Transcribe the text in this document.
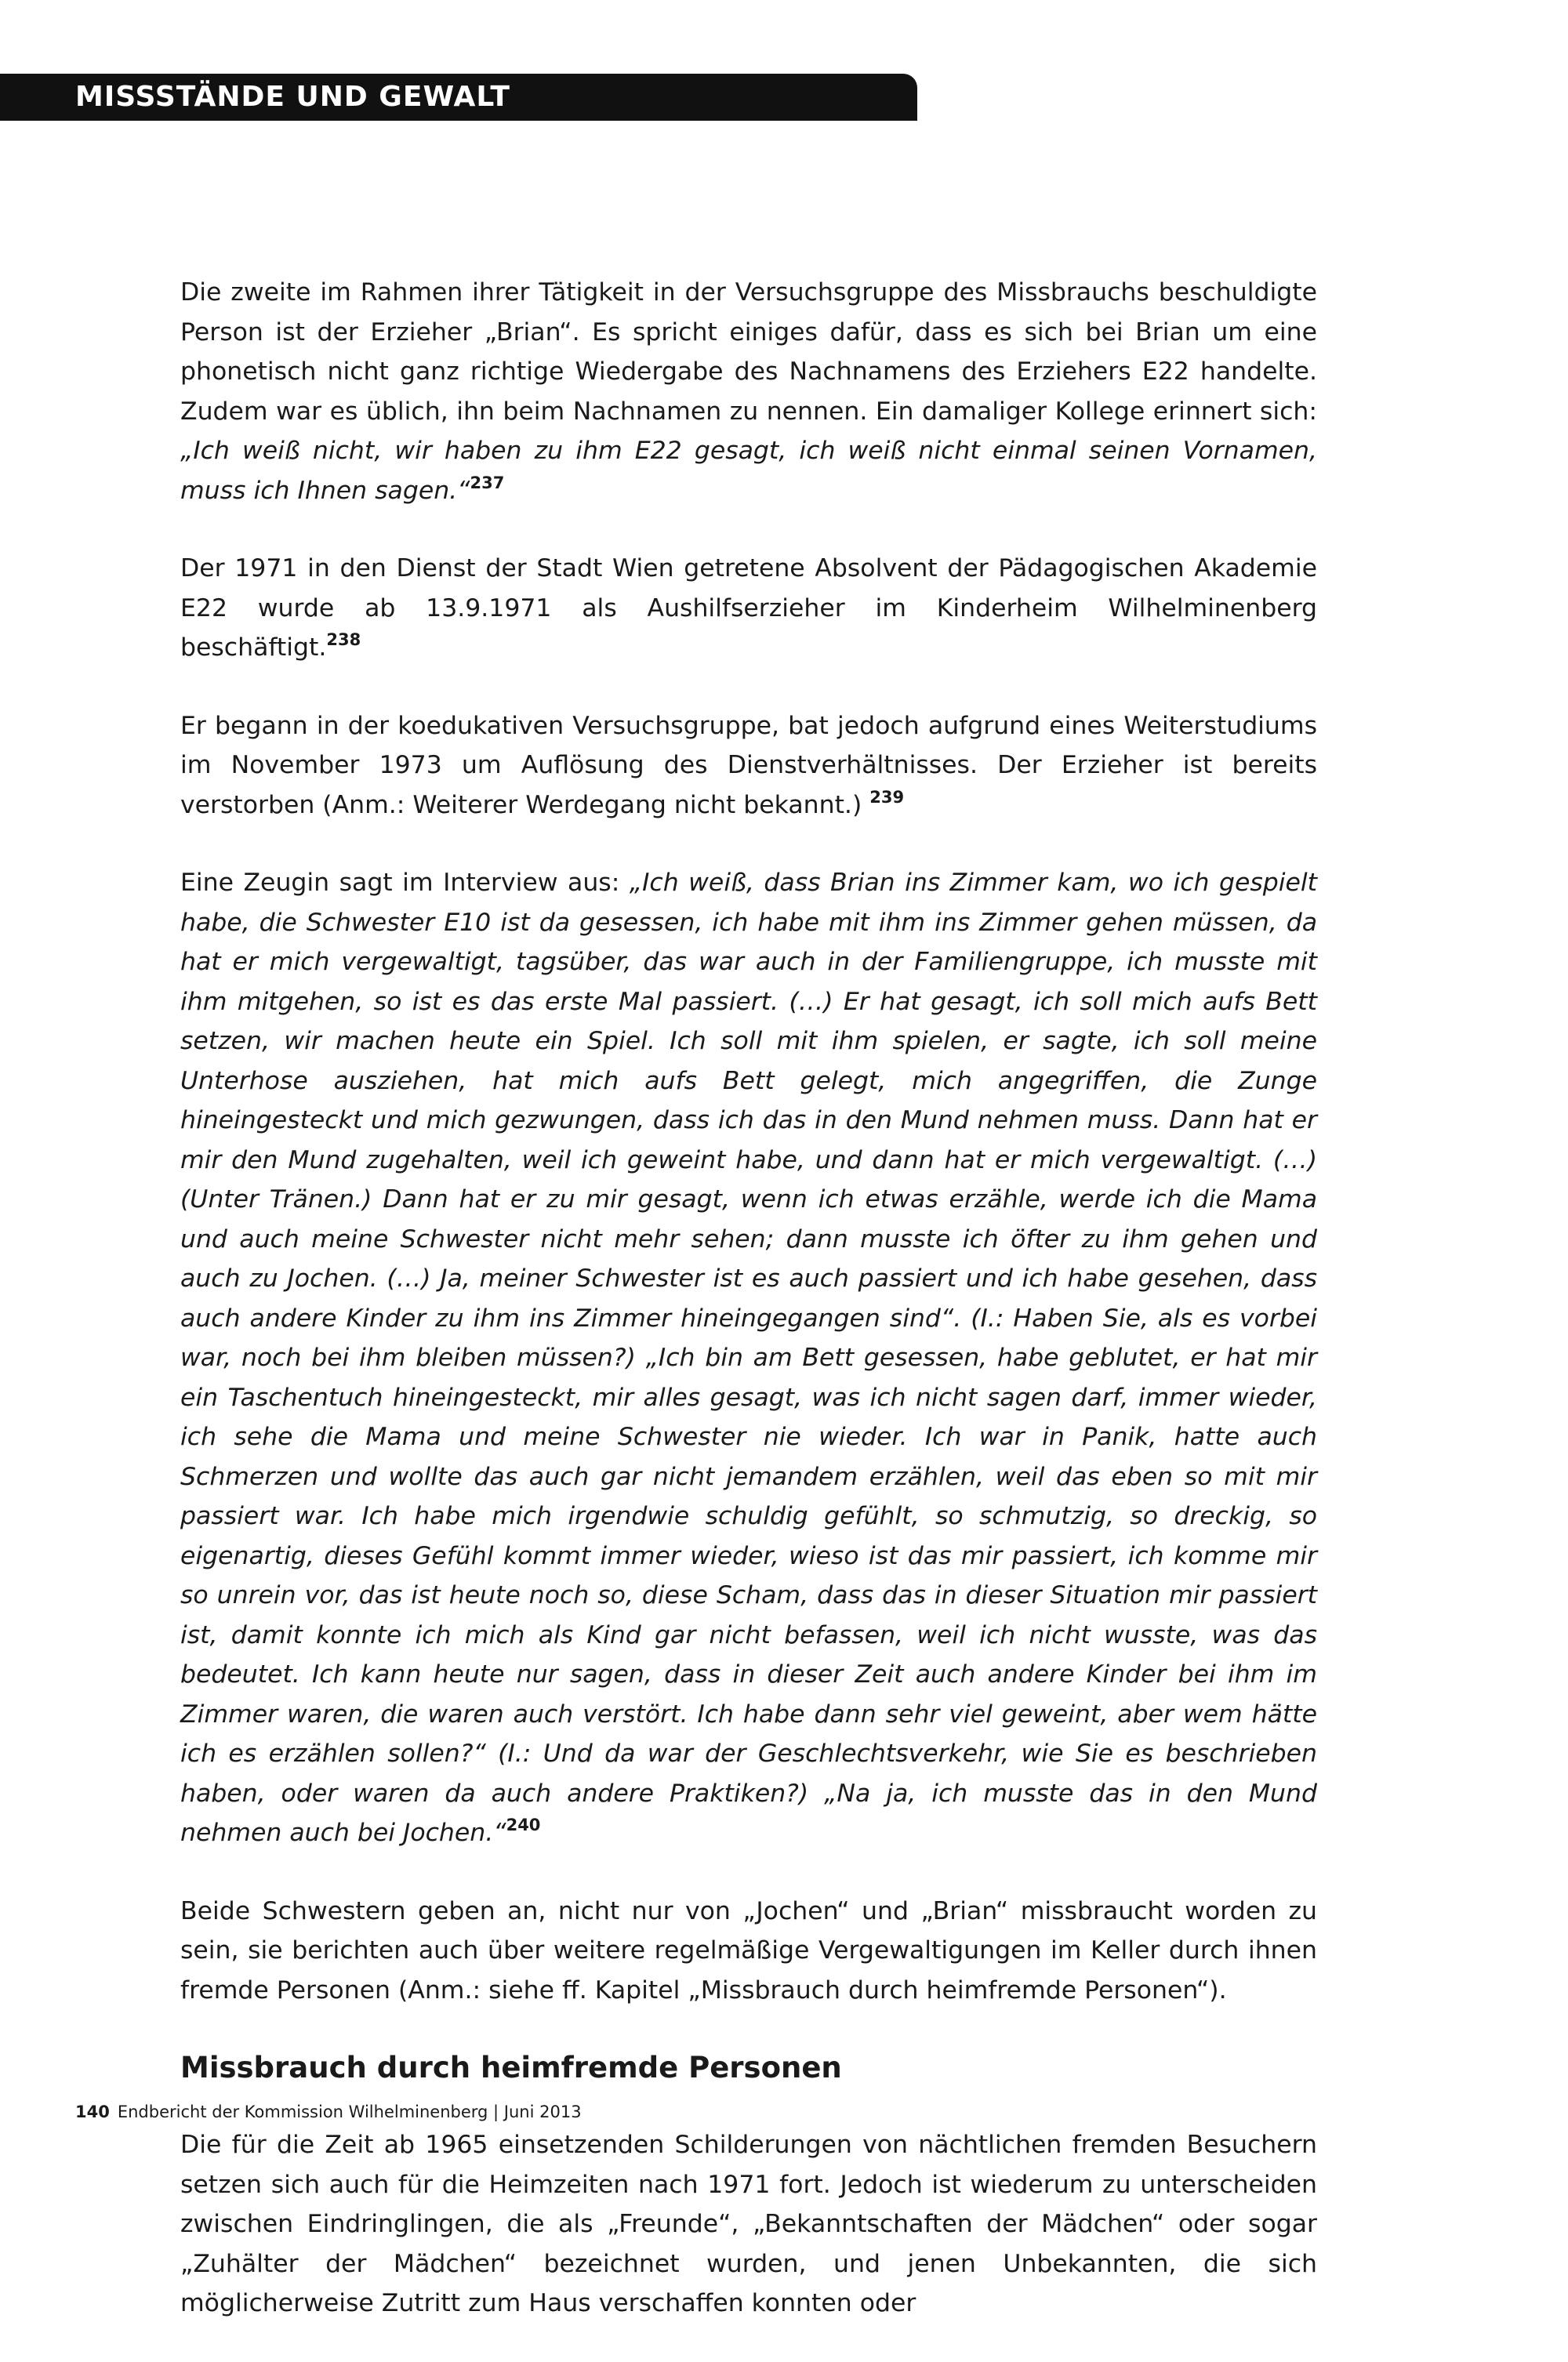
MISSSTÄNDE UND GEWALT

Die zweite im Rahmen ihrer Tätigkeit in der Versuchsgruppe des Missbrauchs beschuldigte Person ist der Erzieher „Brian“. Es spricht einiges dafür, dass es sich bei Brian um eine phonetisch nicht ganz richtige Wiedergabe des Nachnamens des Erziehers E22 handelte. Zudem war es üblich, ihn beim Nachnamen zu nennen. Ein damaliger Kollege erinnert sich: „Ich weiß nicht, wir haben zu ihm E22 gesagt, ich weiß nicht einmal seinen Vornamen, muss ich Ihnen sagen.“$^{237}$

Der 1971 in den Dienst der Stadt Wien getretene Absolvent der Pädagogischen Akademie E22 wurde ab 13.9.1971 als Aushilfserzieher im Kinderheim Wilhelminenberg beschäftigt.$^{238}$

Er begann in der koedukativen Versuchsgruppe, bat jedoch aufgrund eines Weiterstudiums im November 1973 um Auflösung des Dienstverhältnisses. Der Erzieher ist bereits verstorben (Anm.: Weiterer Werdegang nicht bekannt.) $^{239}$

Eine Zeugin sagt im Interview aus: „Ich weiß, dass Brian ins Zimmer kam, wo ich gespielt habe, die Schwester E10 ist da gesessen, ich habe mit ihm ins Zimmer gehen müssen, da hat er mich vergewaltigt, tagsüber, das war auch in der Familiengruppe, ich musste mit ihm mitgehen, so ist es das erste Mal passiert. (…) Er hat gesagt, ich soll mich aufs Bett setzen, wir machen heute ein Spiel. Ich soll mit ihm spielen, er sagte, ich soll meine Unterhose ausziehen, hat mich aufs Bett gelegt, mich angegriffen, die Zunge hineingesteckt und mich gezwungen, dass ich das in den Mund nehmen muss. Dann hat er mir den Mund zugehalten, weil ich geweint habe, und dann hat er mich vergewaltigt. (…) (Unter Tränen.) Dann hat er zu mir gesagt, wenn ich etwas erzähle, werde ich die Mama und auch meine Schwester nicht mehr sehen; dann musste ich öfter zu ihm gehen und auch zu Jochen. (…) Ja, meiner Schwester ist es auch passiert und ich habe gesehen, dass auch andere Kinder zu ihm ins Zimmer hineingegangen sind“. (I.: Haben Sie, als es vorbei war, noch bei ihm bleiben müssen?) „Ich bin am Bett gesessen, habe geblutet, er hat mir ein Taschentuch hineingesteckt, mir alles gesagt, was ich nicht sagen darf, immer wieder, ich sehe die Mama und meine Schwester nie wieder. Ich war in Panik, hatte auch Schmerzen und wollte das auch gar nicht jemandem erzählen, weil das eben so mit mir passiert war. Ich habe mich irgendwie schuldig gefühlt, so schmutzig, so dreckig, so eigenartig, dieses Gefühl kommt immer wieder, wieso ist das mir passiert, ich komme mir so unrein vor, das ist heute noch so, diese Scham, dass das in dieser Situation mir passiert ist, damit konnte ich mich als Kind gar nicht befassen, weil ich nicht wusste, was das bedeutet. Ich kann heute nur sagen, dass in dieser Zeit auch andere Kinder bei ihm im Zimmer waren, die waren auch verstört. Ich habe dann sehr viel geweint, aber wem hätte ich es erzählen sollen?“ (I.: Und da war der Geschlechtsverkehr, wie Sie es beschrieben haben, oder waren da auch andere Praktiken?) „Na ja, ich musste das in den Mund nehmen auch bei Jochen.“$^{240}$

Beide Schwestern geben an, nicht nur von „Jochen“ und „Brian“ missbraucht worden zu sein, sie berichten auch über weitere regelmäßige Vergewaltigungen im Keller durch ihnen fremde Personen (Anm.: siehe ff. Kapitel „Missbrauch durch heimfremde Personen“).

Missbrauch durch heimfremde Personen

Die für die Zeit ab 1965 einsetzenden Schilderungen von nächtlichen fremden Besuchern setzen sich auch für die Heimzeiten nach 1971 fort. Jedoch ist wiederum zu unterscheiden zwischen Eindringlingen, die als „Freunde“, „Bekanntschaften der Mädchen“ oder sogar „Zuhälter der Mädchen“ bezeichnet wurden, und jenen Unbekannten, die sich möglicherweise Zutritt zum Haus verschaffen konnten oder

140 Endbericht der Kommission Wilhelminenberg | Juni 2013
